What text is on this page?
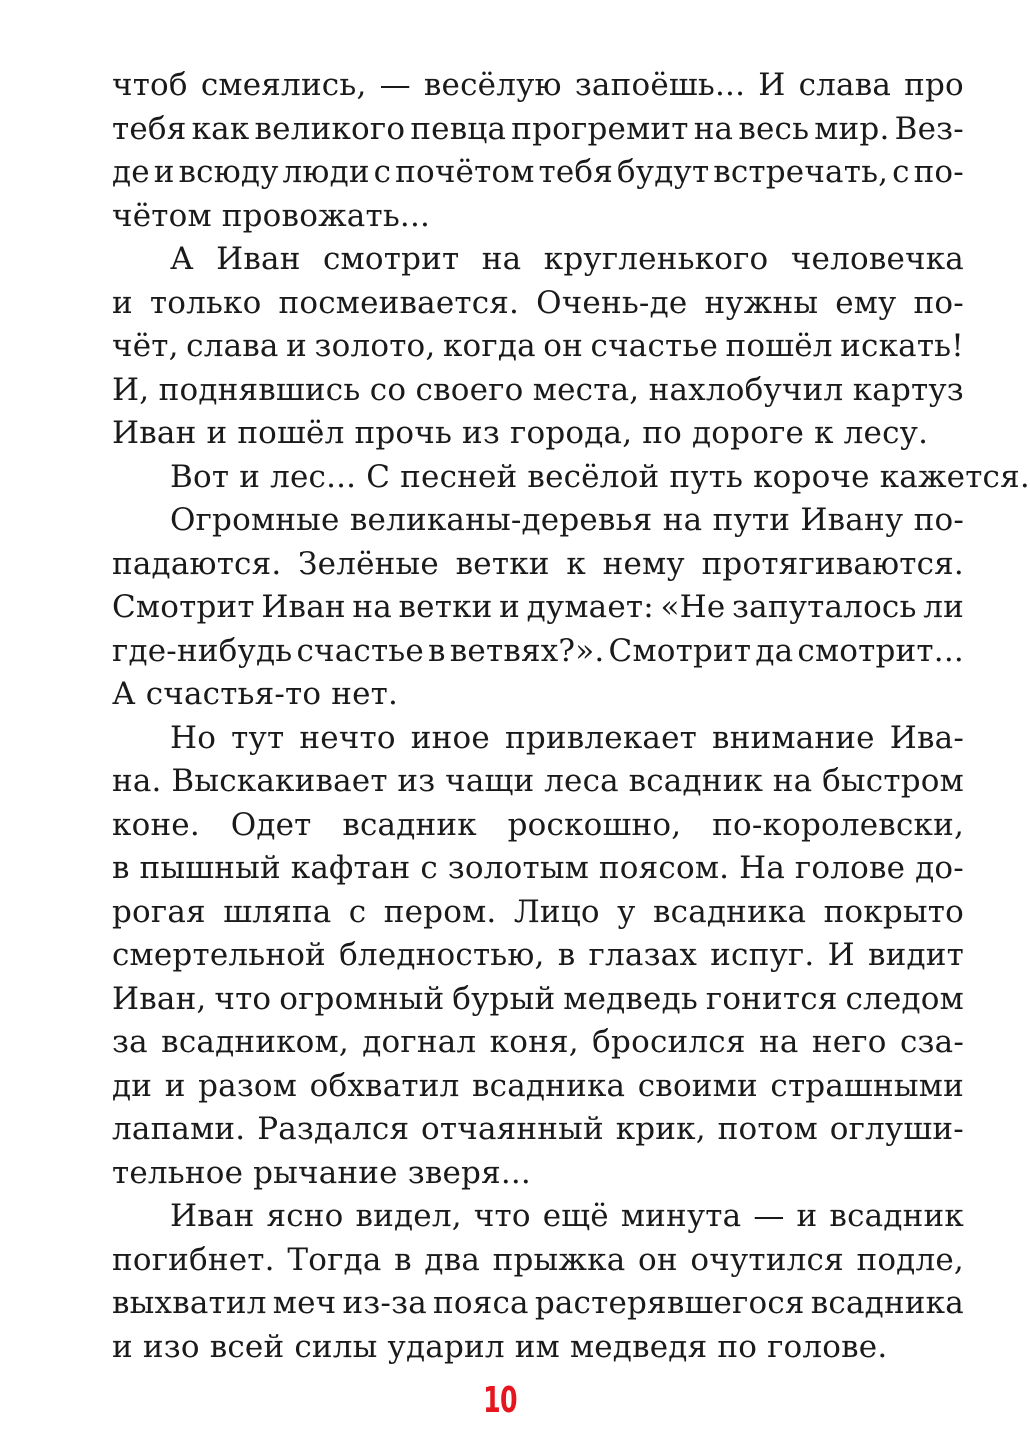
чтоб смеялись, — весёлую запоёшь... И слава про
тебя как великого певца прогремит на весь мир. Вез-
де и всюду люди с почётом тебя будут встречать, с по-
чётом провожать...
А Иван смотрит на кругленького человечка
и только посмеивается. Очень-де нужны ему по-
чёт, слава и золото, когда он счастье пошёл искать!
И, поднявшись со своего места, нахлобучил картуз
Иван и пошёл прочь из города, по дороге к лесу.
Вот и лес... С песней весёлой путь короче кажется.
Огромные великаны-деревья на пути Ивану по-
падаются. Зелёные ветки к нему протягиваются.
Смотрит Иван на ветки и думает: «Не запуталось ли
где-нибудь счастье в ветвях?». Смотрит да смотрит...
А счастья-то нет.
Но тут нечто иное привлекает внимание Ива-
на. Выскакивает из чащи леса всадник на быстром
коне. Одет всадник роскошно, по-королевски,
в пышный кафтан с золотым поясом. На голове до-
рогая шляпа с пером. Лицо у всадника покрыто
смертельной бледностью, в глазах испуг. И видит
Иван, что огромный бурый медведь гонится следом
за всадником, догнал коня, бросился на него сза-
ди и разом обхватил всадника своими страшными
лапами. Раздался отчаянный крик, потом оглуши-
тельное рычание зверя...
Иван ясно видел, что ещё минута — и всадник
погибнет. Тогда в два прыжка он очутился подле,
выхватил меч из-за пояса растерявшегося всадника
и изо всей силы ударил им медведя по голове.
10
